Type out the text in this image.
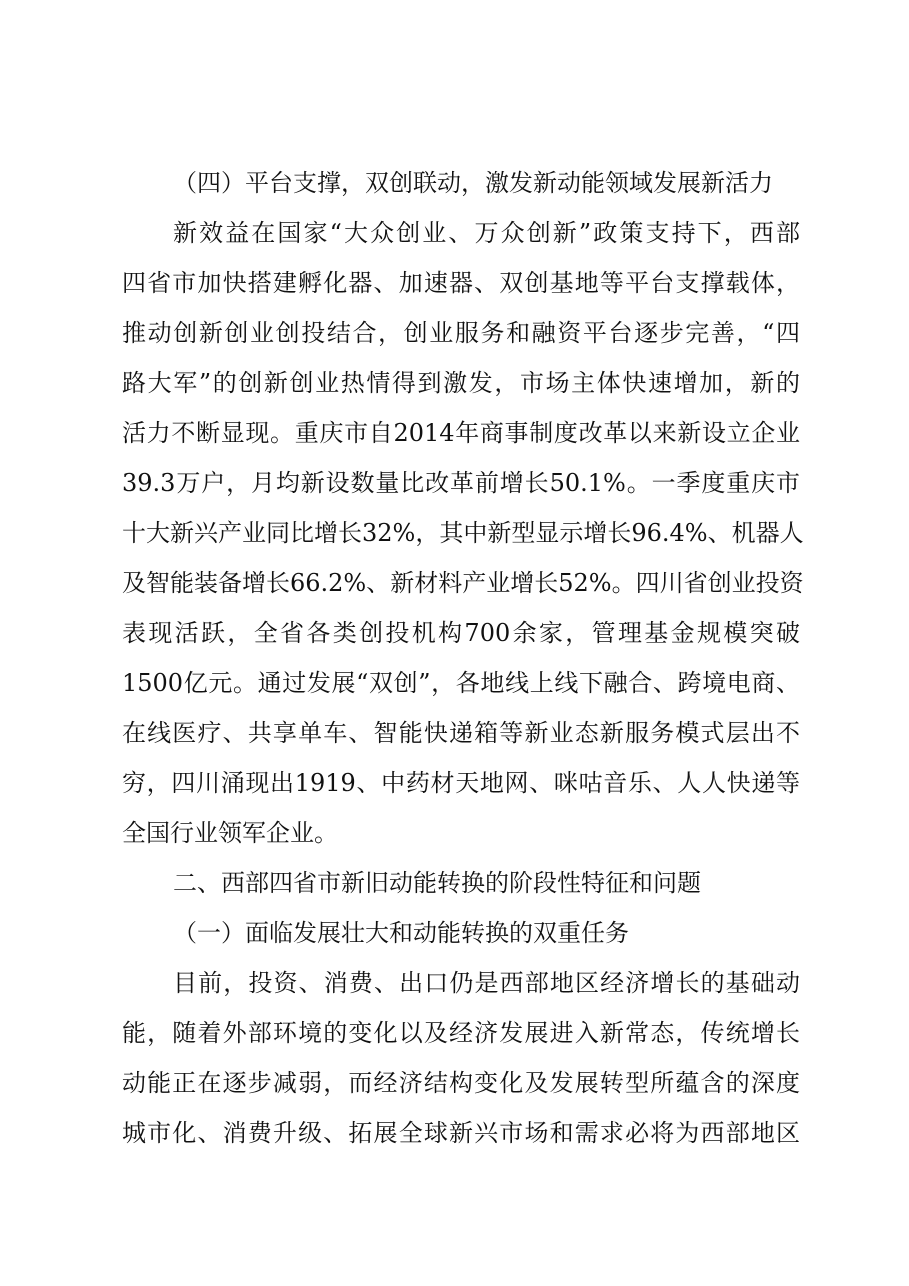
（四）平台支撑，双创联动，激发新动能领域发展新活力

新效益在国家“大众创业、万众创新”政策支持下，西部

四省市加快搭建孵化器、加速器、双创基地等平台支撑载体，

推动创新创业创投结合，创业服务和融资平台逐步完善，“四

路大军”的创新创业热情得到激发，市场主体快速增加，新的

活力不断显现。重庆市自2014年商事制度改革以来新设立企业

39.3万户，月均新设数量比改革前增长50.1%。一季度重庆市

十大新兴产业同比增长32%，其中新型显示增长96.4%、机器人

及智能装备增长66.2%、新材料产业增长52%。四川省创业投资

表现活跃，全省各类创投机构700余家，管理基金规模突破

1500亿元。通过发展“双创”，各地线上线下融合、跨境电商、

在线医疗、共享单车、智能快递箱等新业态新服务模式层出不

穷，四川涌现出1919、中药材天地网、咪咕音乐、人人快递等

全国行业领军企业。

二、西部四省市新旧动能转换的阶段性特征和问题

（一）面临发展壮大和动能转换的双重任务

目前，投资、消费、出口仍是西部地区经济增长的基础动

能，随着外部环境的变化以及经济发展进入新常态，传统增长

动能正在逐步减弱，而经济结构变化及发展转型所蕴含的深度

城市化、消费升级、拓展全球新兴市场和需求必将为西部地区
